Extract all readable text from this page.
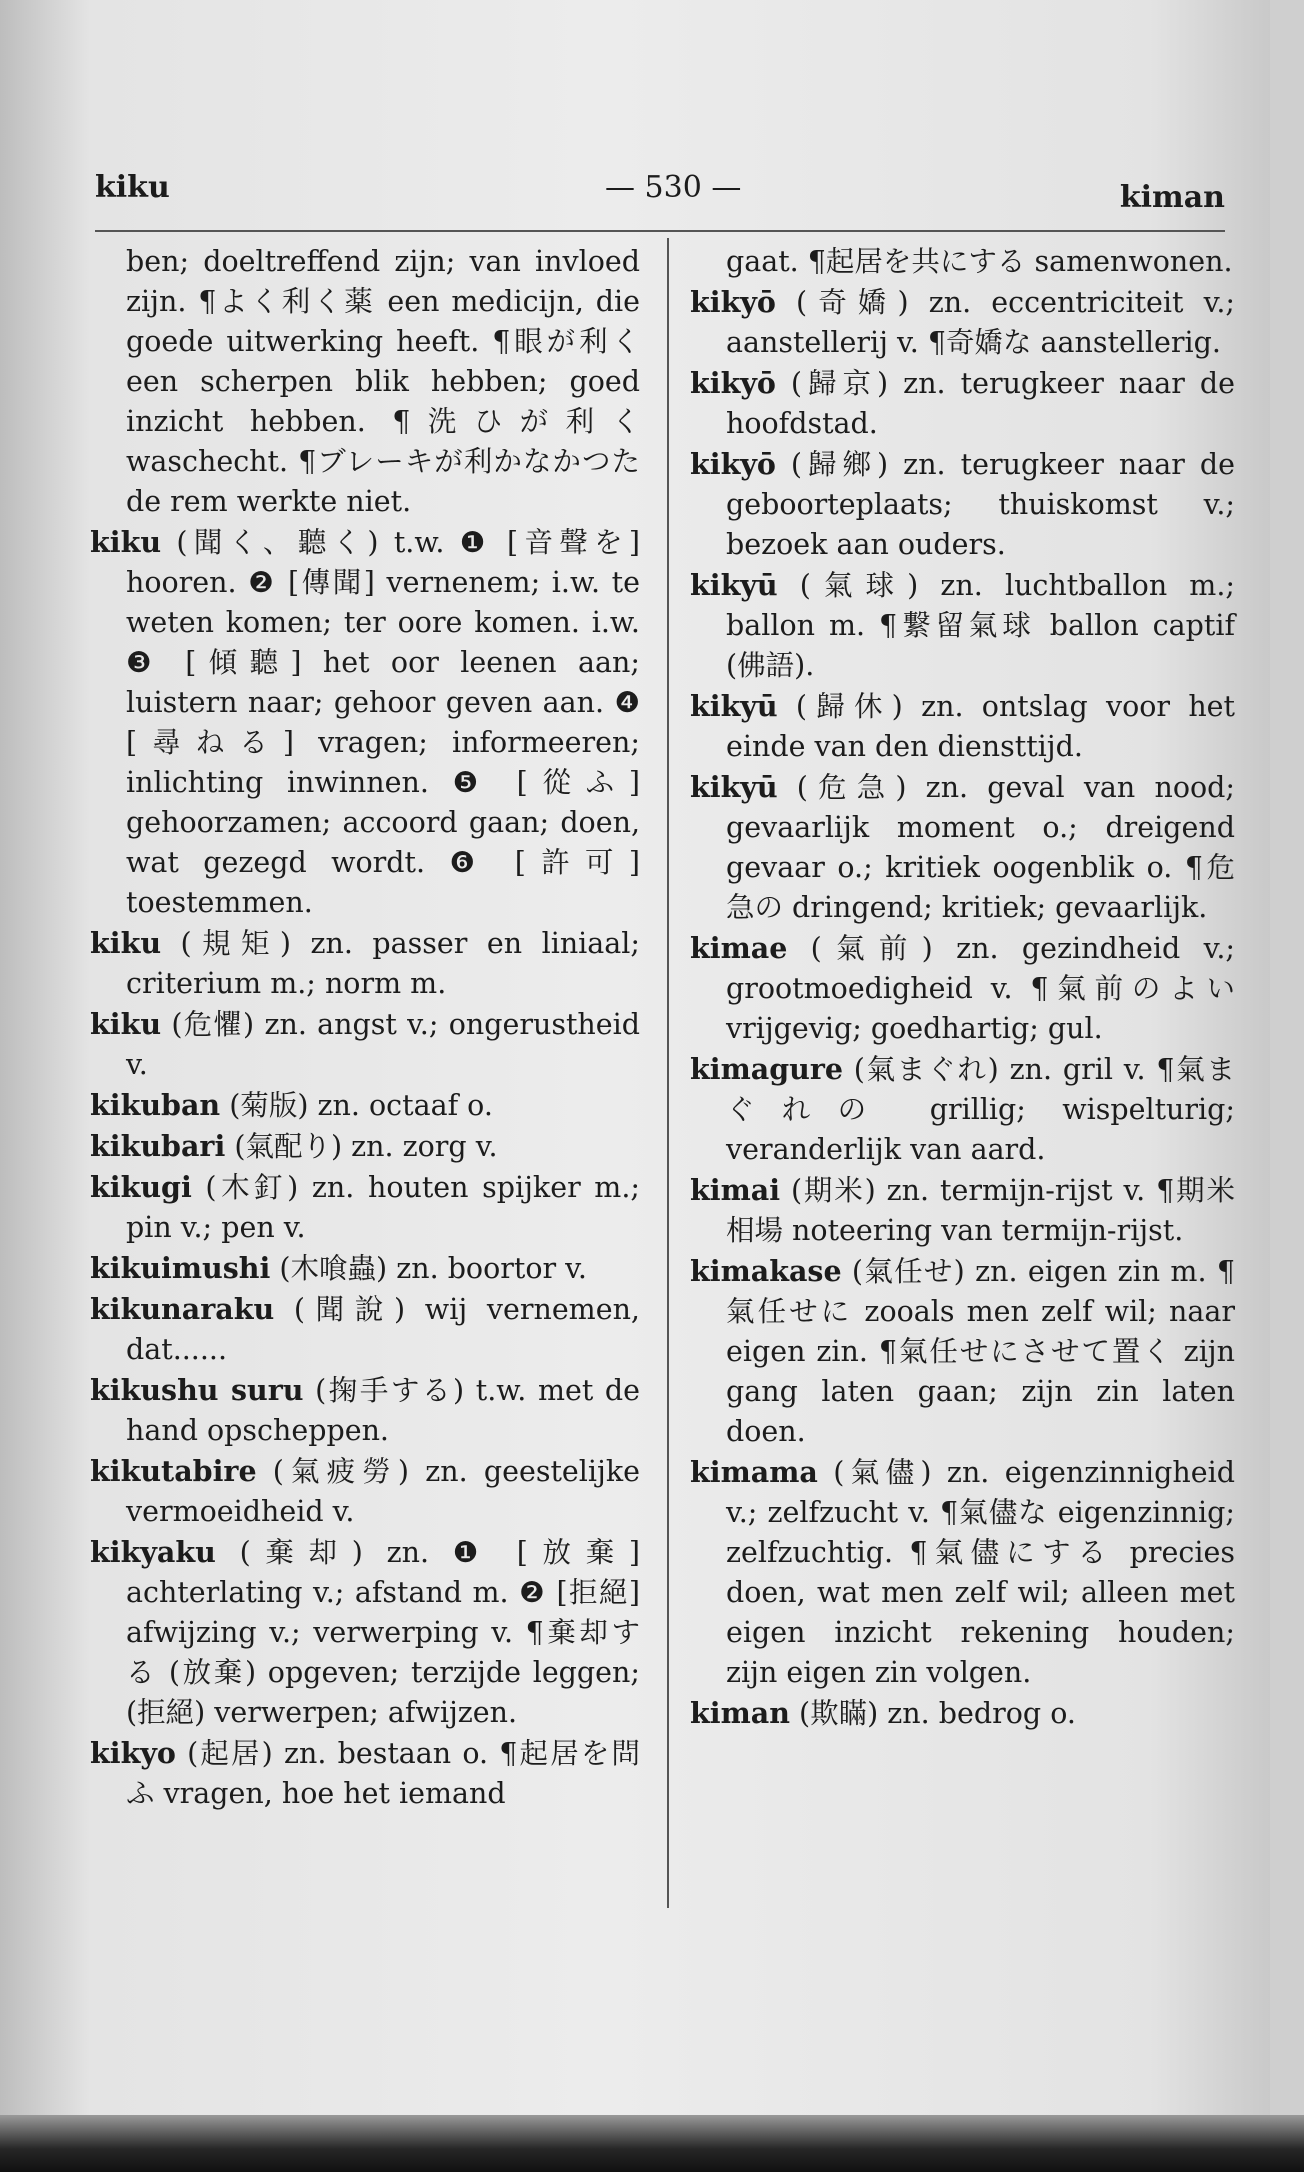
kiku	— 530 —	kiman

ben; doeltreffend zijn; van invloed zijn. ¶よく利く薬 een medicijn, die goede uitwerking heeft. ¶眼が利く een scherpen blik hebben; goed inzicht hebben. ¶洗ひが利く waschecht. ¶ブレーキが利かなかつた de rem werkte niet.

kiku (聞く、聽く) t.w. ❶ [音聲を] hooren. ❷ [傳聞] vernenem; i.w. te weten komen; ter oore komen. i.w. ❸ [傾聽] het oor leenen aan; luistern naar; gehoor geven aan. ❹ [尋ねる] vragen; informeeren; inlichting inwinnen. ❺ [從ふ] gehoorzamen; accoord gaan; doen, wat gezegd wordt. ❻ [許可] toestemmen.

kiku (規矩) zn. passer en liniaal; criterium m.; norm m.

kiku (危懼) zn. angst v.; ongerustheid v.

kikuban (菊版) zn. octaaf o.

kikubari (氣配り) zn. zorg v.

kikugi (木釘) zn. houten spijker m.; pin v.; pen v.

kikuimushi (木喰蟲) zn. boortor v.

kikunaraku (聞說) wij vernemen, dat......

kikushu suru (掬手する) t.w. met de hand opscheppen.

kikutabire (氣疲勞) zn. geestelijke vermoeidheid v.

kikyaku (棄却) zn. ❶ [放棄] achterlating v.; afstand m. ❷ [拒絕] afwijzing v.; verwerping v. ¶棄却する (放棄) opgeven; terzijde leggen; (拒絕) verwerpen; afwijzen.

kikyo (起居) zn. bestaan o. ¶起居を問ふ vragen, hoe het iemand

gaat. ¶起居を共にする samenwonen.

kikyō (奇嬌) zn. eccentriciteit v.; aanstellerij v. ¶奇嬌な aanstellerig.

kikyō (歸京) zn. terugkeer naar de hoofdstad.

kikyō (歸鄉) zn. terugkeer naar de geboorteplaats; thuiskomst v.; bezoek aan ouders.

kikyū (氣球) zn. luchtballon m.; ballon m. ¶繋留氣球 ballon captif (佛語).

kikyū (歸休) zn. ontslag voor het einde van den diensttijd.

kikyū (危急) zn. geval van nood; gevaarlijk moment o.; dreigend gevaar o.; kritiek oogenblik o. ¶危急の dringend; kritiek; gevaarlijk.

kimae (氣前) zn. gezindheid v.; grootmoedigheid v. ¶氣前のよい vrijgevig; goedhartig; gul.

kimagure (氣まぐれ) zn. gril v. ¶氣まぐれの grillig; wispelturig; veranderlijk van aard.

kimai (期米) zn. termijn-rijst v. ¶期米相場 noteering van termijn-rijst.

kimakase (氣任せ) zn. eigen zin m. ¶氣任せに zooals men zelf wil; naar eigen zin. ¶氣任せにさせて置く zijn gang laten gaan; zijn zin laten doen.

kimama (氣儘) zn. eigenzinnigheid v.; zelfzucht v. ¶氣儘な eigenzinnig; zelfzuchtig. ¶氣儘にする precies doen, wat men zelf wil; alleen met eigen inzicht rekening houden; zijn eigen zin volgen.

kiman (欺瞞) zn. bedrog o.
